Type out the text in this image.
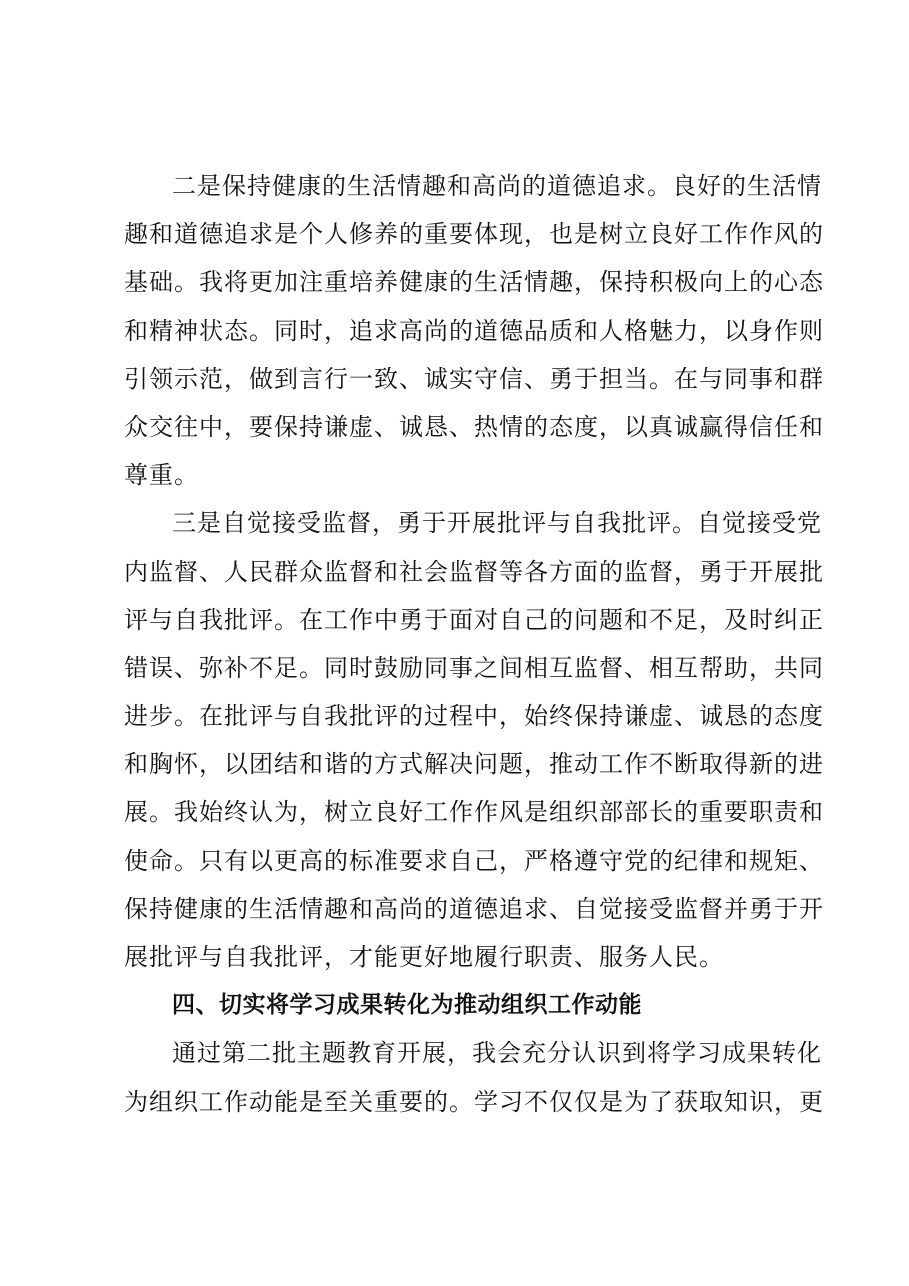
二是保持健康的生活情趣和高尚的道德追求。良好的生活情
趣和道德追求是个人修养的重要体现，也是树立良好工作作风的
基础。我将更加注重培养健康的生活情趣，保持积极向上的心态
和精神状态。同时，追求高尚的道德品质和人格魅力，以身作则
引领示范，做到言行一致、诚实守信、勇于担当。在与同事和群
众交往中，要保持谦虚、诚恳、热情的态度，以真诚赢得信任和
尊重。
三是自觉接受监督，勇于开展批评与自我批评。自觉接受党
内监督、人民群众监督和社会监督等各方面的监督，勇于开展批
评与自我批评。在工作中勇于面对自己的问题和不足，及时纠正
错误、弥补不足。同时鼓励同事之间相互监督、相互帮助，共同
进步。在批评与自我批评的过程中，始终保持谦虚、诚恳的态度
和胸怀，以团结和谐的方式解决问题，推动工作不断取得新的进
展。我始终认为，树立良好工作作风是组织部部长的重要职责和
使命。只有以更高的标准要求自己，严格遵守党的纪律和规矩、
保持健康的生活情趣和高尚的道德追求、自觉接受监督并勇于开
展批评与自我批评，才能更好地履行职责、服务人民。
四、切实将学习成果转化为推动组织工作动能
通过第二批主题教育开展，我会充分认识到将学习成果转化
为组织工作动能是至关重要的。学习不仅仅是为了获取知识，更
